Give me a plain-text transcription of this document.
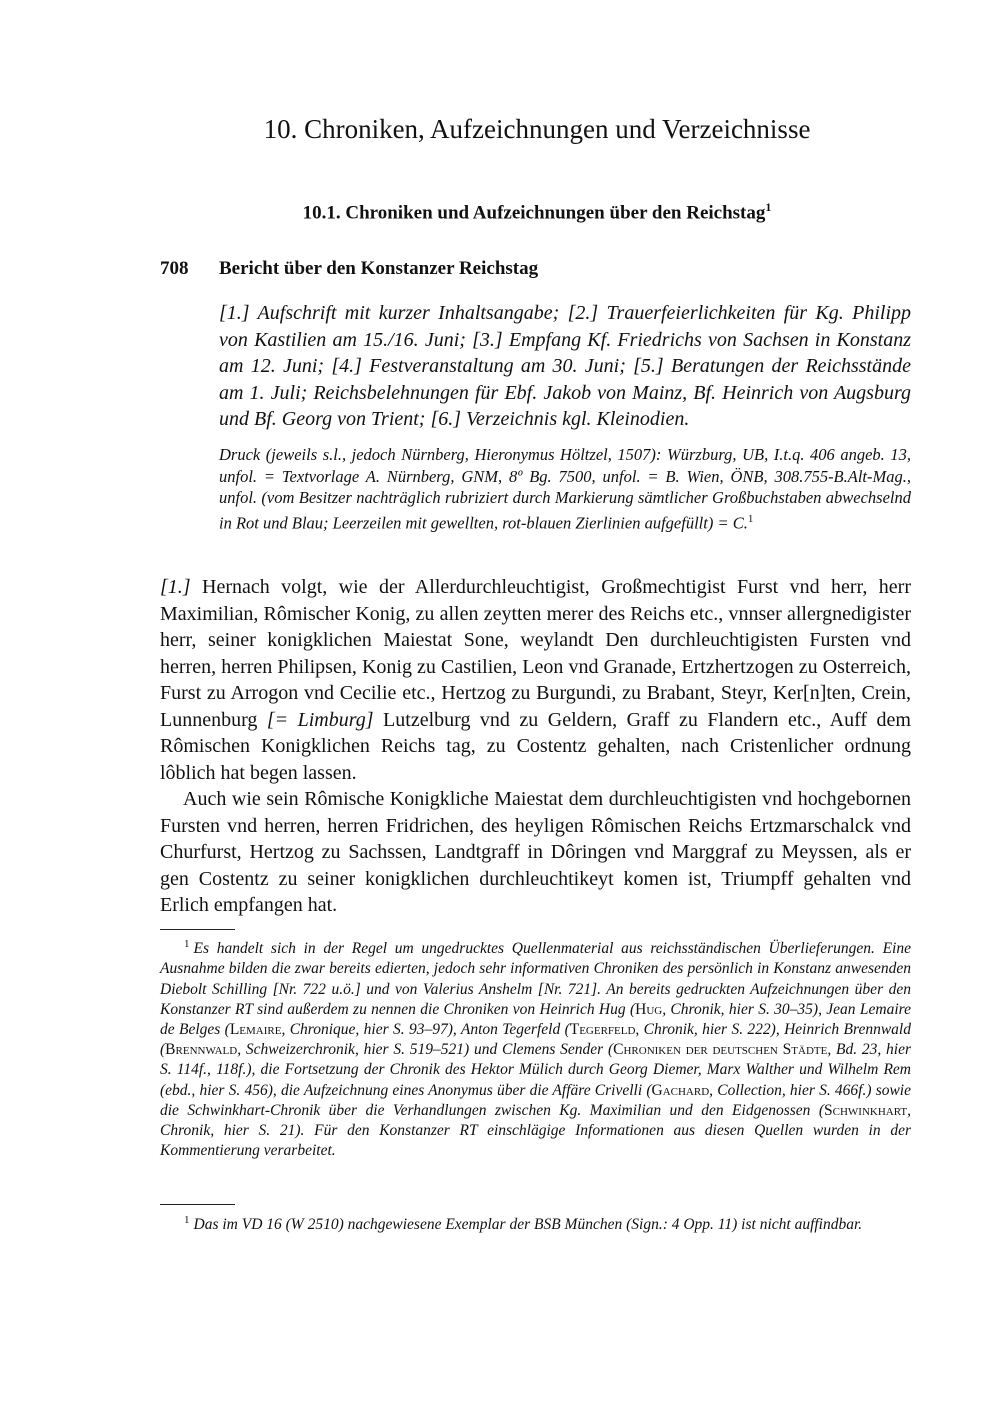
10. Chroniken, Aufzeichnungen und Verzeichnisse
10.1. Chroniken und Aufzeichnungen über den Reichstag$^1$
708 Bericht über den Konstanzer Reichstag

[1.] Aufschrift mit kurzer Inhaltsangabe; [2.] Trauerfeierlichkeiten für Kg. Philipp von Kastilien am 15./16. Juni; [3.] Empfang Kf. Friedrichs von Sachsen in Konstanz am 12. Juni; [4.] Festveranstaltung am 30. Juni; [5.] Beratungen der Reichsstände am 1. Juli; Reichsbelehnungen für Ebf. Jakob von Mainz, Bf. Heinrich von Augsburg und Bf. Georg von Trient; [6.] Verzeichnis kgl. Kleinodien.

Druck (jeweils s.l., jedoch Nürnberg, Hieronymus Höltzel, 1507): Würzburg, UB, I.t.q. 406 angeb. 13, unfol. = Textvorlage A. Nürnberg, GNM, 8º Bg. 7500, unfol. = B. Wien, ÖNB, 308.755-B.Alt-Mag., unfol. (vom Besitzer nachträglich rubriziert durch Markierung sämtlicher Großbuchstaben abwechselnd in Rot und Blau; Leerzeilen mit gewellten, rot-blauen Zierlinien aufgefüllt) = C.$^1$

[1.] Hernach volgt, wie der Allerdurchleuchtigist, Großmechtigist Furst vnd herr, herr Maximilian, Rômischer Konig, zu allen zeytten merer des Reichs etc., vnnser allergnedigister herr, seiner konigklichen Maiestat Sone, weylandt Den durchleuchtigisten Fursten vnd herren, herren Philipsen, Konig zu Castilien, Leon vnd Granade, Ertzhertzogen zu Osterreich, Furst zu Arrogon vnd Cecilie etc., Hertzog zu Burgundi, zu Brabant, Steyr, Ker[n]ten, Crein, Lunnenburg [= Limburg] Lutzelburg vnd zu Geldern, Graff zu Flandern etc., Auff dem Rômischen Konigklichen Reichs tag, zu Costentz gehalten, nach Cristenlicher ordnung lôblich hat begen lassen.

Auch wie sein Rômische Konigkliche Maiestat dem durchleuchtigisten vnd hochgebornen Fursten vnd herren, herren Fridrichen, des heyligen Rômischen Reichs Ertzmarschalck vnd Churfurst, Hertzog zu Sachssen, Landtgraff in Dôringen vnd Marggraf zu Meyssen, als er gen Costentz zu seiner konigklichen durchleuchtikeyt komen ist, Triumpff gehalten vnd Erlich empfangen hat.

$^1$ Es handelt sich in der Regel um ungedrucktes Quellenmaterial aus reichsständischen Überlieferungen. Eine Ausnahme bilden die zwar bereits edierten, jedoch sehr informativen Chroniken des persönlich in Konstanz anwesenden Diebolt Schilling [Nr. 722 u.ö.] und von Valerius Anshelm [Nr. 721]. An bereits gedruckten Aufzeichnungen über den Konstanzer RT sind außerdem zu nennen die Chroniken von Heinrich Hug (Hug, Chronik, hier S. 30–35), Jean Lemaire de Belges (Lemaire, Chronique, hier S. 93–97), Anton Tegerfeld (Tegerfeld, Chronik, hier S. 222), Heinrich Brennwald (Brennwald, Schweizerchronik, hier S. 519–521) und Clemens Sender (Chroniken der deutschen Städte, Bd. 23, hier S. 114f., 118f.), die Fortsetzung der Chronik des Hektor Mülich durch Georg Diemer, Marx Walther und Wilhelm Rem (ebd., hier S. 456), die Aufzeichnung eines Anonymus über die Affäre Crivelli (Gachard, Collection, hier S. 466f.) sowie die Schwinkhart-Chronik über die Verhandlungen zwischen Kg. Maximilian und den Eidgenossen (Schwinkhart, Chronik, hier S. 21). Für den Konstanzer RT einschlägige Informationen aus diesen Quellen wurden in der Kommentierung verarbeitet.

$^1$ Das im VD 16 (W 2510) nachgewiesene Exemplar der BSB München (Sign.: 4 Opp. 11) ist nicht auffindbar.
